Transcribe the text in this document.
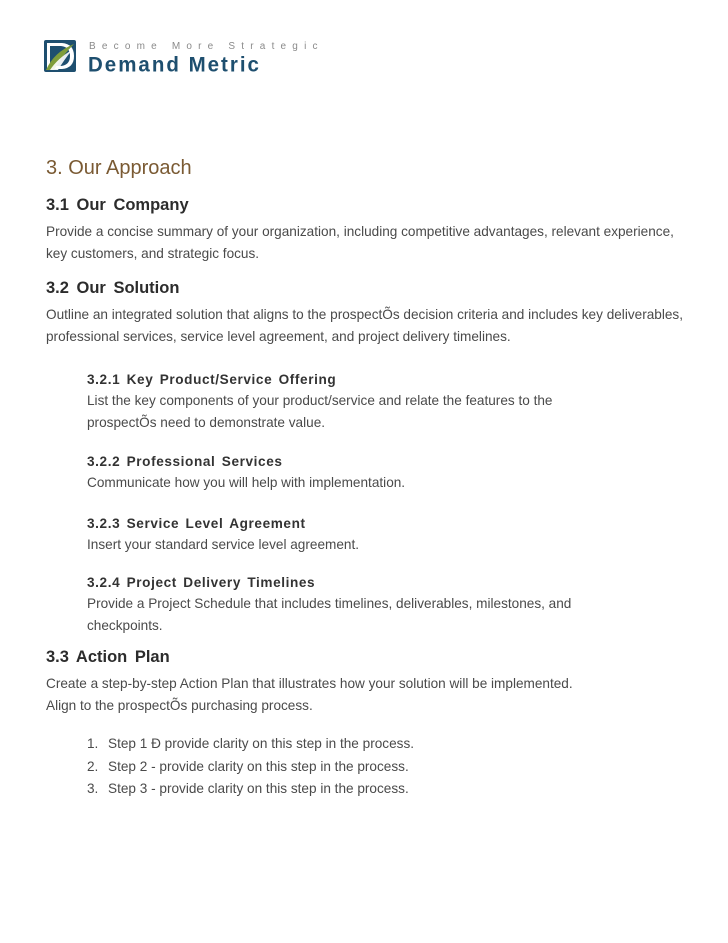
Become More Strategic
Demand Metric
3. Our Approach
3.1 Our Company

Provide a concise summary of your organization, including competitive advantages, relevant experience, key customers, and strategic focus.

3.2 Our Solution

Outline an integrated solution that aligns to the prospectÕs decision criteria and includes key deliverables, professional services, service level agreement, and project delivery timelines.

3.2.1 Key Product/Service Offering

List the key components of your product/service and relate the features to the prospectÕs need to demonstrate value.

3.2.2 Professional Services

Communicate how you will help with implementation.

3.2.3 Service Level Agreement

Insert your standard service level agreement.

3.2.4 Project Delivery Timelines

Provide a Project Schedule that includes timelines, deliverables, milestones, and checkpoints.

3.3 Action Plan

Create a step-by-step Action Plan that illustrates how your solution will be implemented.

Align to the prospectÕs purchasing process.

1. Step 1 Ð provide clarity on this step in the process.
2. Step 2 - provide clarity on this step in the process.
3. Step 3 - provide clarity on this step in the process.
